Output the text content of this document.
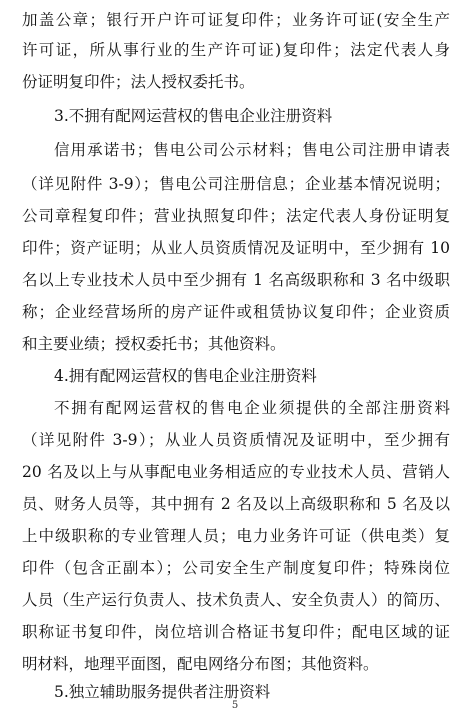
加盖公章；银行开户许可证复印件；业务许可证(安全生产
许可证，所从事行业的生产许可证)复印件；法定代表人身
份证明复印件；法人授权委托书。
3.不拥有配网运营权的售电企业注册资料
信用承诺书；售电公司公示材料；售电公司注册申请表
（详见附件 3-9）；售电公司注册信息；企业基本情况说明；
公司章程复印件；营业执照复印件；法定代表人身份证明复
印件；资产证明；从业人员资质情况及证明中，至少拥有 10
名以上专业技术人员中至少拥有 1 名高级职称和 3 名中级职
称；企业经营场所的房产证件或租赁协议复印件；企业资质
和主要业绩；授权委托书；其他资料。
4.拥有配网运营权的售电企业注册资料
不拥有配网运营权的售电企业须提供的全部注册资料
（详见附件 3-9）；从业人员资质情况及证明中，至少拥有
20 名及以上与从事配电业务相适应的专业技术人员、营销人
员、财务人员等，其中拥有 2 名及以上高级职称和 5 名及以
上中级职称的专业管理人员；电力业务许可证（供电类）复
印件（包含正副本）；公司安全生产制度复印件；特殊岗位
人员（生产运行负责人、技术负责人、安全负责人）的简历、
职称证书复印件，岗位培训合格证书复印件；配电区域的证
明材料，地理平面图，配电网络分布图；其他资料。
5.独立辅助服务提供者注册资料
5
